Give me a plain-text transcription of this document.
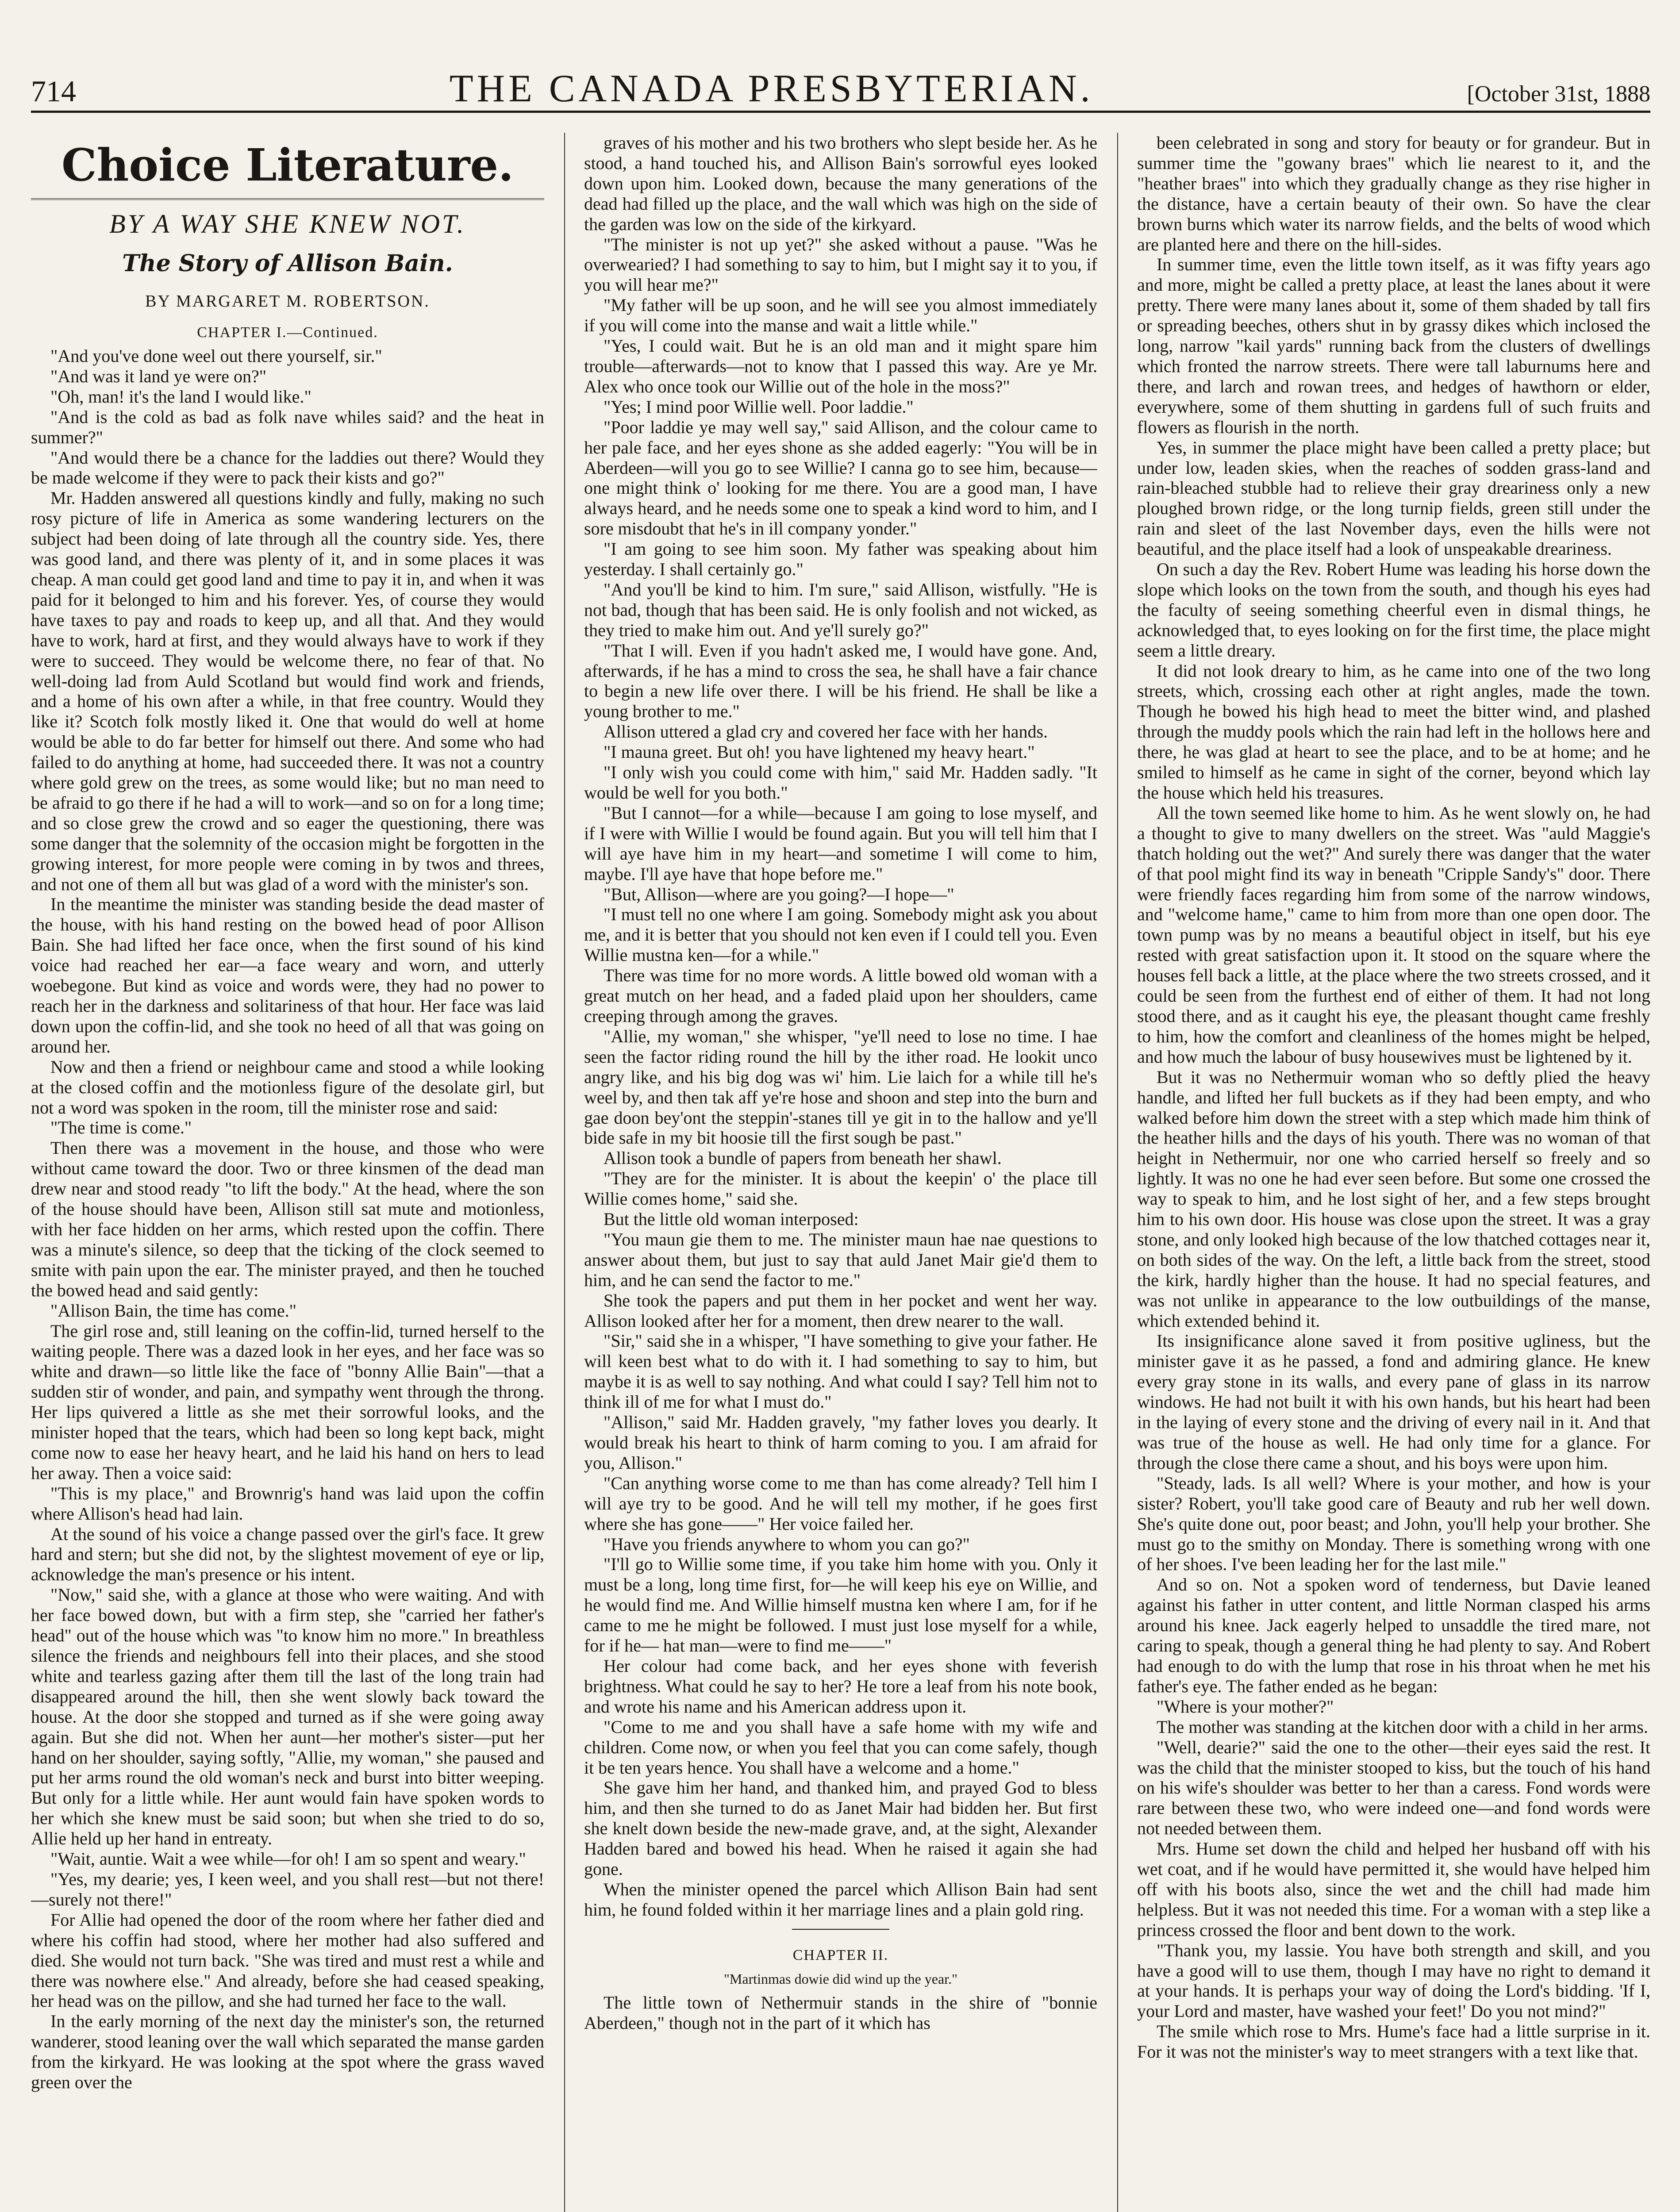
714	THE CANADA PRESBYTERIAN.	[October 31st, 1888
Choice Literature.
BY A WAY SHE KNEW NOT.
The Story of Allison Bain.
BY MARGARET M. ROBERTSON.
CHAPTER I.—Continued.

"And you've done weel out there yourself, sir."

"And was it land ye were on?"

"Oh, man! it's the land I would like."

"And is the cold as bad as folk nave whiles said? and the heat in summer?"

"And would there be a chance for the laddies out there? Would they be made welcome if they were to pack their kists and go?"

Mr. Hadden answered all questions kindly and fully, making no such rosy picture of life in America as some wandering lecturers on the subject had been doing of late through all the country side. Yes, there was good land, and there was plenty of it, and in some places it was cheap. A man could get good land and time to pay it in, and when it was paid for it belonged to him and his forever. Yes, of course they would have taxes to pay and roads to keep up, and all that. And they would have to work, hard at first, and they would always have to work if they were to succeed. They would be welcome there, no fear of that. No well-doing lad from Auld Scotland but would find work and friends, and a home of his own after a while, in that free country. Would they like it? Scotch folk mostly liked it. One that would do well at home would be able to do far better for himself out there. And some who had failed to do anything at home, had succeeded there. It was not a country where gold grew on the trees, as some would like; but no man need to be afraid to go there if he had a will to work—and so on for a long time; and so close grew the crowd and so eager the questioning, there was some danger that the solemnity of the occasion might be forgotten in the growing interest, for more people were coming in by twos and threes, and not one of them all but was glad of a word with the minister's son.

In the meantime the minister was standing beside the dead master of the house, with his hand resting on the bowed head of poor Allison Bain. She had lifted her face once, when the first sound of his kind voice had reached her ear—a face weary and worn, and utterly woebegone. But kind as voice and words were, they had no power to reach her in the darkness and solitariness of that hour. Her face was laid down upon the coffin-lid, and she took no heed of all that was going on around her.

Now and then a friend or neighbour came and stood a while looking at the closed coffin and the motionless figure of the desolate girl, but not a word was spoken in the room, till the minister rose and said:

"The time is come."

Then there was a movement in the house, and those who were without came toward the door. Two or three kinsmen of the dead man drew near and stood ready "to lift the body." At the head, where the son of the house should have been, Allison still sat mute and motionless, with her face hidden on her arms, which rested upon the coffin. There was a minute's silence, so deep that the ticking of the clock seemed to smite with pain upon the ear. The minister prayed, and then he touched the bowed head and said gently:

"Allison Bain, the time has come."

The girl rose and, still leaning on the coffin-lid, turned herself to the waiting people. There was a dazed look in her eyes, and her face was so white and drawn—so little like the face of "bonny Allie Bain"—that a sudden stir of wonder, and pain, and sympathy went through the throng. Her lips quivered a little as she met their sorrowful looks, and the minister hoped that the tears, which had been so long kept back, might come now to ease her heavy heart, and he laid his hand on hers to lead her away. Then a voice said:

"This is my place," and Brownrig's hand was laid upon the coffin where Allison's head had lain.

At the sound of his voice a change passed over the girl's face. It grew hard and stern; but she did not, by the slightest movement of eye or lip, acknowledge the man's presence or his intent.

"Now," said she, with a glance at those who were waiting. And with her face bowed down, but with a firm step, she "carried her father's head" out of the house which was "to know him no more." In breathless silence the friends and neighbours fell into their places, and she stood white and tearless gazing after them till the last of the long train had disappeared around the hill, then she went slowly back toward the house. At the door she stopped and turned as if she were going away again. But she did not. When her aunt—her mother's sister—put her hand on her shoulder, saying softly, "Allie, my woman," she paused and put her arms round the old woman's neck and burst into bitter weeping. But only for a little while. Her aunt would fain have spoken words to her which she knew must be said soon; but when she tried to do so, Allie held up her hand in entreaty.

"Wait, auntie. Wait a wee while—for oh! I am so spent and weary."

"Yes, my dearie; yes, I keen weel, and you shall rest—but not there!—surely not there!"

For Allie had opened the door of the room where her father died and where his coffin had stood, where her mother had also suffered and died. She would not turn back. "She was tired and must rest a while and there was nowhere else." And already, before she had ceased speaking, her head was on the pillow, and she had turned her face to the wall.

In the early morning of the next day the minister's son, the returned wanderer, stood leaning over the wall which separated the manse garden from the kirkyard. He was looking at the spot where the grass waved green over the

graves of his mother and his two brothers who slept beside her. As he stood, a hand touched his, and Allison Bain's sorrowful eyes looked down upon him. Looked down, because the many generations of the dead had filled up the place, and the wall which was high on the side of the garden was low on the side of the kirkyard.

"The minister is not up yet?" she asked without a pause. "Was he overwearied? I had something to say to him, but I might say it to you, if you will hear me?"

"My father will be up soon, and he will see you almost immediately if you will come into the manse and wait a little while."

"Yes, I could wait. But he is an old man and it might spare him trouble—afterwards—not to know that I passed this way. Are ye Mr. Alex who once took our Willie out of the hole in the moss?"

"Yes; I mind poor Willie well. Poor laddie."

"Poor laddie ye may well say," said Allison, and the colour came to her pale face, and her eyes shone as she added eagerly: "You will be in Aberdeen—will you go to see Willie? I canna go to see him, because—one might think o' looking for me there. You are a good man, I have always heard, and he needs some one to speak a kind word to him, and I sore misdoubt that he's in ill company yonder."

"I am going to see him soon. My father was speaking about him yesterday. I shall certainly go."

"And you'll be kind to him. I'm sure," said Allison, wistfully. "He is not bad, though that has been said. He is only foolish and not wicked, as they tried to make him out. And ye'll surely go?"

"That I will. Even if you hadn't asked me, I would have gone. And, afterwards, if he has a mind to cross the sea, he shall have a fair chance to begin a new life over there. I will be his friend. He shall be like a young brother to me."

Allison uttered a glad cry and covered her face with her hands.

"I mauna greet. But oh! you have lightened my heavy heart."

"I only wish you could come with him," said Mr. Hadden sadly. "It would be well for you both."

"But I cannot—for a while—because I am going to lose myself, and if I were with Willie I would be found again. But you will tell him that I will aye have him in my heart—and sometime I will come to him, maybe. I'll aye have that hope before me."

"But, Allison—where are you going?—I hope—"

"I must tell no one where I am going. Somebody might ask you about me, and it is better that you should not ken even if I could tell you. Even Willie mustna ken—for a while."

There was time for no more words. A little bowed old woman with a great mutch on her head, and a faded plaid upon her shoulders, came creeping through among the graves.

"Allie, my woman," she whisper, "ye'll need to lose no time. I hae seen the factor riding round the hill by the ither road. He lookit unco angry like, and his big dog was wi' him. Lie laich for a while till he's weel by, and then tak aff ye're hose and shoon and step into the burn and gae doon bey'ont the steppin'-stanes till ye git in to the hallow and ye'll bide safe in my bit hoosie till the first sough be past."

Allison took a bundle of papers from beneath her shawl.

"They are for the minister. It is about the keepin' o' the place till Willie comes home," said she.

But the little old woman interposed:

"You maun gie them to me. The minister maun hae nae questions to answer about them, but just to say that auld Janet Mair gie'd them to him, and he can send the factor to me."

She took the papers and put them in her pocket and went her way. Allison looked after her for a moment, then drew nearer to the wall.

"Sir," said she in a whisper, "I have something to give your father. He will keen best what to do with it. I had something to say to him, but maybe it is as well to say nothing. And what could I say? Tell him not to think ill of me for what I must do."

"Allison," said Mr. Hadden gravely, "my father loves you dearly. It would break his heart to think of harm coming to you. I am afraid for you, Allison."

"Can anything worse come to me than has come already? Tell him I will aye try to be good. And he will tell my mother, if he goes first where she has gone——" Her voice failed her.

"Have you friends anywhere to whom you can go?"

"I'll go to Willie some time, if you take him home with you. Only it must be a long, long time first, for—he will keep his eye on Willie, and he would find me. And Willie himself mustna ken where I am, for if he came to me he might be followed. I must just lose myself for a while, for if he— hat man—were to find me——"

Her colour had come back, and her eyes shone with feverish brightness. What could he say to her? He tore a leaf from his note book, and wrote his name and his American address upon it.

"Come to me and you shall have a safe home with my wife and children. Come now, or when you feel that you can come safely, though it be ten years hence. You shall have a welcome and a home."

She gave him her hand, and thanked him, and prayed God to bless him, and then she turned to do as Janet Mair had bidden her. But first she knelt down beside the new-made grave, and, at the sight, Alexander Hadden bared and bowed his head. When he raised it again she had gone.

When the minister opened the parcel which Allison Bain had sent him, he found folded within it her marriage lines and a plain gold ring.

CHAPTER II.
"Martinmas dowie did wind up the year."

The little town of Nethermuir stands in the shire of "bonnie Aberdeen," though not in the part of it which has

been celebrated in song and story for beauty or for grandeur. But in summer time the "gowany braes" which lie nearest to it, and the "heather braes" into which they gradually change as they rise higher in the distance, have a certain beauty of their own. So have the clear brown burns which water its narrow fields, and the belts of wood which are planted here and there on the hill-sides.

In summer time, even the little town itself, as it was fifty years ago and more, might be called a pretty place, at least the lanes about it were pretty. There were many lanes about it, some of them shaded by tall firs or spreading beeches, others shut in by grassy dikes which inclosed the long, narrow "kail yards" running back from the clusters of dwellings which fronted the narrow streets. There were tall laburnums here and there, and larch and rowan trees, and hedges of hawthorn or elder, everywhere, some of them shutting in gardens full of such fruits and flowers as flourish in the north.

Yes, in summer the place might have been called a pretty place; but under low, leaden skies, when the reaches of sodden grass-land and rain-bleached stubble had to relieve their gray dreariness only a new ploughed brown ridge, or the long turnip fields, green still under the rain and sleet of the last November days, even the hills were not beautiful, and the place itself had a look of unspeakable dreariness.

On such a day the Rev. Robert Hume was leading his horse down the slope which looks on the town from the south, and though his eyes had the faculty of seeing something cheerful even in dismal things, he acknowledged that, to eyes looking on for the first time, the place might seem a little dreary.

It did not look dreary to him, as he came into one of the two long streets, which, crossing each other at right angles, made the town. Though he bowed his high head to meet the bitter wind, and plashed through the muddy pools which the rain had left in the hollows here and there, he was glad at heart to see the place, and to be at home; and he smiled to himself as he came in sight of the corner, beyond which lay the house which held his treasures.

All the town seemed like home to him. As he went slowly on, he had a thought to give to many dwellers on the street. Was "auld Maggie's thatch holding out the wet?" And surely there was danger that the water of that pool might find its way in beneath "Cripple Sandy's" door. There were friendly faces regarding him from some of the narrow windows, and "welcome hame," came to him from more than one open door. The town pump was by no means a beautiful object in itself, but his eye rested with great satisfaction upon it. It stood on the square where the houses fell back a little, at the place where the two streets crossed, and it could be seen from the furthest end of either of them. It had not long stood there, and as it caught his eye, the pleasant thought came freshly to him, how the comfort and cleanliness of the homes might be helped, and how much the labour of busy housewives must be lightened by it.

But it was no Nethermuir woman who so deftly plied the heavy handle, and lifted her full buckets as if they had been empty, and who walked before him down the street with a step which made him think of the heather hills and the days of his youth. There was no woman of that height in Nethermuir, nor one who carried herself so freely and so lightly. It was no one he had ever seen before. But some one crossed the way to speak to him, and he lost sight of her, and a few steps brought him to his own door. His house was close upon the street. It was a gray stone, and only looked high because of the low thatched cottages near it, on both sides of the way. On the left, a little back from the street, stood the kirk, hardly higher than the house. It had no special features, and was not unlike in appearance to the low outbuildings of the manse, which extended behind it.

Its insignificance alone saved it from positive ugliness, but the minister gave it as he passed, a fond and admiring glance. He knew every gray stone in its walls, and every pane of glass in its narrow windows. He had not built it with his own hands, but his heart had been in the laying of every stone and the driving of every nail in it. And that was true of the house as well. He had only time for a glance. For through the close there came a shout, and his boys were upon him.

"Steady, lads. Is all well? Where is your mother, and how is your sister? Robert, you'll take good care of Beauty and rub her well down. She's quite done out, poor beast; and John, you'll help your brother. She must go to the smithy on Monday. There is something wrong with one of her shoes. I've been leading her for the last mile."

And so on. Not a spoken word of tenderness, but Davie leaned against his father in utter content, and little Norman clasped his arms around his knee. Jack eagerly helped to unsaddle the tired mare, not caring to speak, though a general thing he had plenty to say. And Robert had enough to do with the lump that rose in his throat when he met his father's eye. The father ended as he began:

"Where is your mother?"

The mother was standing at the kitchen door with a child in her arms.

"Well, dearie?" said the one to the other—their eyes said the rest. It was the child that the minister stooped to kiss, but the touch of his hand on his wife's shoulder was better to her than a caress. Fond words were rare between these two, who were indeed one—and fond words were not needed between them.

Mrs. Hume set down the child and helped her husband off with his wet coat, and if he would have permitted it, she would have helped him off with his boots also, since the wet and the chill had made him helpless. But it was not needed this time. For a woman with a step like a princess crossed the floor and bent down to the work.

"Thank you, my lassie. You have both strength and skill, and you have a good will to use them, though I may have no right to demand it at your hands. It is perhaps your way of doing the Lord's bidding. 'If I, your Lord and master, have washed your feet!' Do you not mind?"

The smile which rose to Mrs. Hume's face had a little surprise in it. For it was not the minister's way to meet strangers with a text like that.
